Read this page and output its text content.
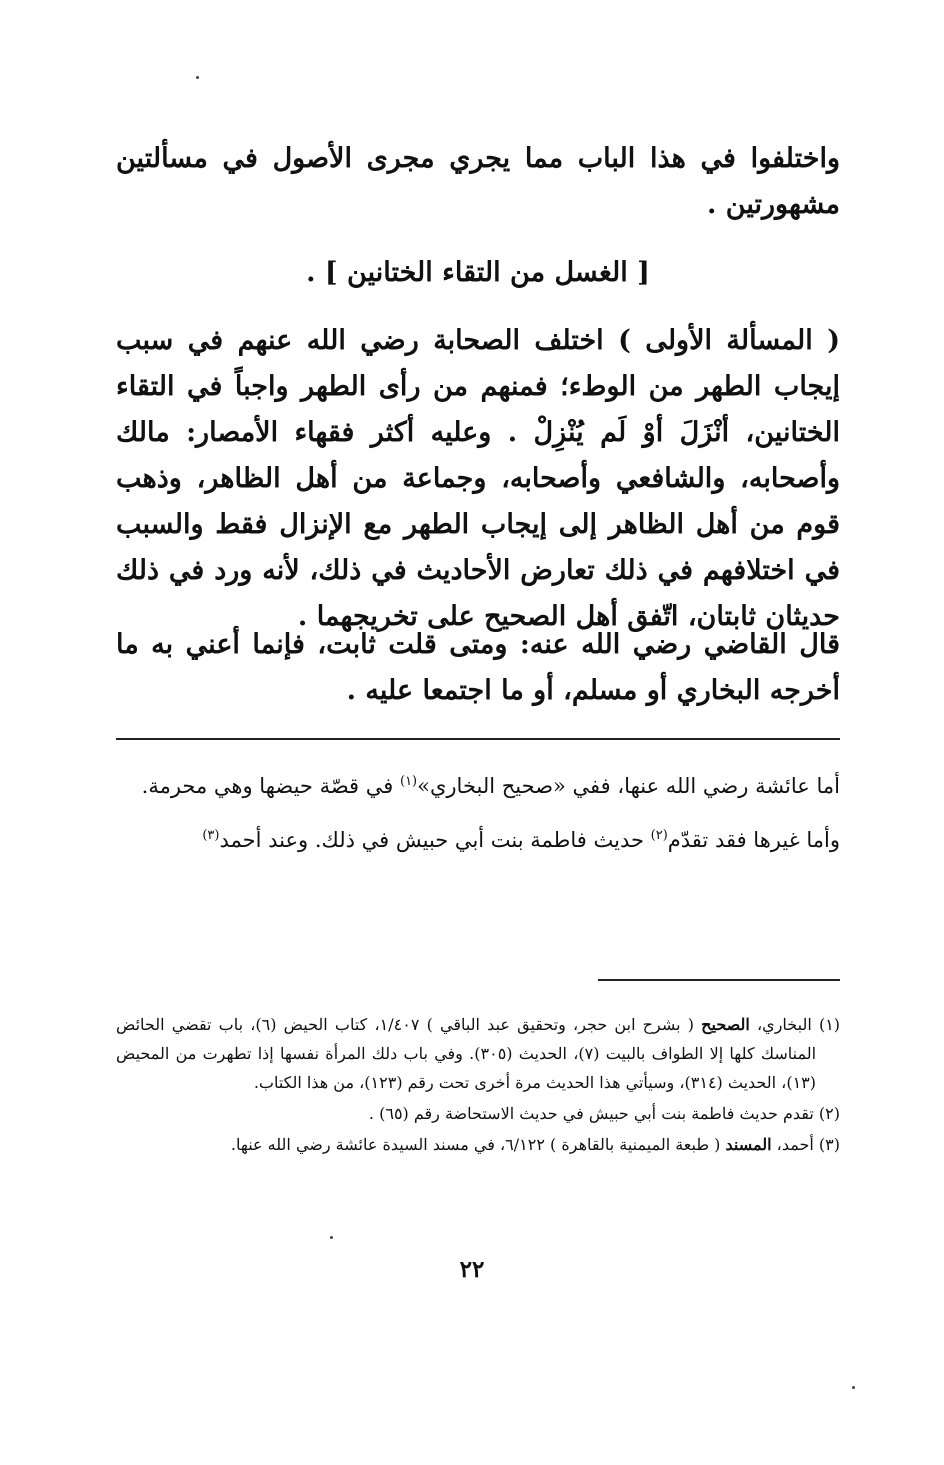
واختلفوا في هذا الباب مما يجري مجرى الأصول في مسألتين مشهورتين .

[ الغسل من التقاء الختانين ] .

( المسألة الأولى ) اختلف الصحابة رضي الله عنهم في سبب إيجاب الطهر من الوطء؛ فمنهم من رأى الطهر واجباً في التقاء الختانين، أنْزَلَ أوْ لَم يُنْزِلْ . وعليه أكثر فقهاء الأمصار: مالك وأصحابه، والشافعي وأصحابه، وجماعة من أهل الظاهر، وذهب قوم من أهل الظاهر إلى إيجاب الطهر مع الإنزال فقط والسبب في اختلافهم في ذلك تعارض الأحاديث في ذلك، لأنه ورد في ذلك حديثان ثابتان، اتّفق أهل الصحيح على تخريجهما .

قال القاضي رضي الله عنه: ومتى قلت ثابت، فإنما أعني به ما أخرجه البخاري أو مسلم، أو ما اجتمعا عليه .

أما عائشة رضي الله عنها، ففي «صحيح البخاري»$^{(١)}$ في قصّة حيضها وهي محرمة.

وأما غيرها فقد تقدّم$^{(٢)}$ حديث فاطمة بنت أبي حبيش في ذلك. وعند أحمد$^{(٣)}$

(١) البخاري، الصحيح ( بشرح ابن حجر، وتحقيق عبد الباقي ) ١/٤٠٧، كتاب الحيض (٦)، باب تقضي الحائض المناسك كلها إلا الطواف بالبيت (٧)، الحديث (٣٠٥). وفي باب دلك المرأة نفسها إذا تطهرت من المحيض (١٣)، الحديث (٣١٤)، وسيأتي هذا الحديث مرة أخرى تحت رقم (١٢٣)، من هذا الكتاب.

(٢) تقدم حديث فاطمة بنت أبي حبيش في حديث الاستحاضة رقم (٦٥) .

(٣) أحمد، المسند ( طبعة الميمنية بالقاهرة ) ٦/١٢٢، في مسند السيدة عائشة رضي الله عنها.

٢٢
